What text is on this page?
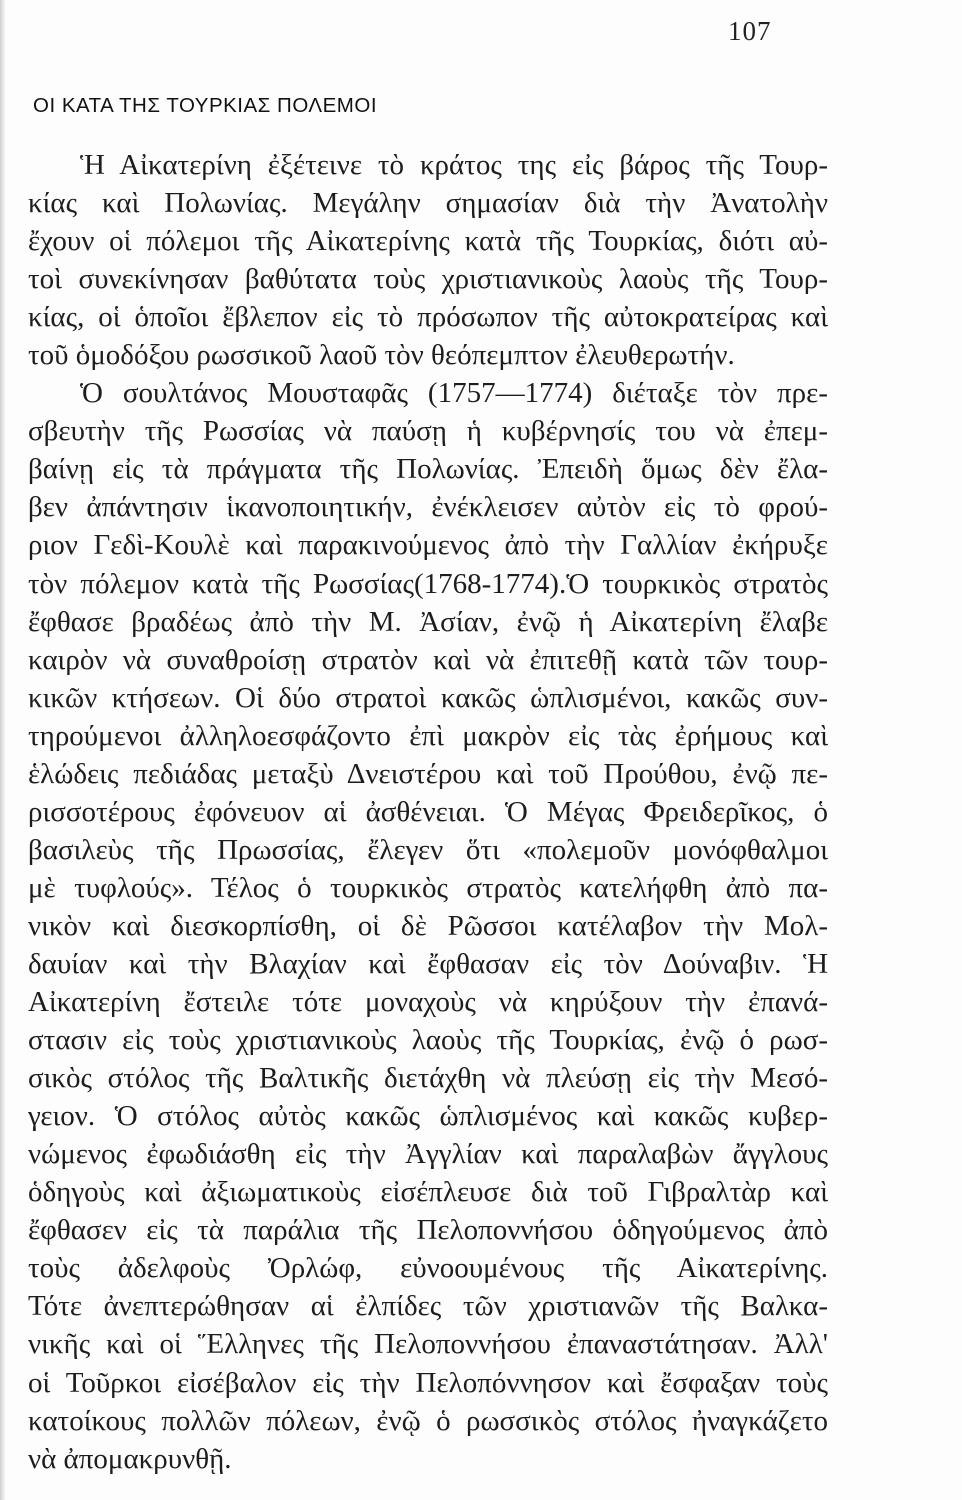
107
ΟΙ ΚΑΤΑ ΤΗΣ ΤΟΥΡΚΙΑΣ ΠΟΛΕΜΟΙ
Ἡ Αἰκατερίνη ἐξέτεινε τὸ κράτος της εἰς βάρος τῆς Τουρ-
κίας καὶ Πολωνίας. Μεγάλην σημασίαν διὰ τὴν Ἀνατολὴν
ἔχουν οἱ πόλεμοι τῆς Αἰκατερίνης κατὰ τῆς Τουρκίας, διότι αὐ-
τοὶ συνεκίνησαν βαθύτατα τοὺς χριστιανικοὺς λαοὺς τῆς Τουρ-
κίας, οἱ ὁποῖοι ἔβλεπον εἰς τὸ πρόσωπον τῆς αὐτοκρατείρας καὶ
τοῦ ὁμοδόξου ρωσσικοῦ λαοῦ τὸν θεόπεμπτον ἐλευθερωτήν.
Ὁ σουλτάνος Μουσταφᾶς (1757—1774) διέταξε τὸν πρε-
σβευτὴν τῆς Ρωσσίας νὰ παύσῃ ἡ κυβέρνησίς του νὰ ἐπεμ-
βαίνῃ εἰς τὰ πράγματα τῆς Πολωνίας. Ἐπειδὴ ὅμως δὲν ἔλα-
βεν ἀπάντησιν ἱκανοποιητικήν, ἐνέκλεισεν αὐτὸν εἰς τὸ φρού-
ριον Γεδὶ-Κουλὲ καὶ παρακινούμενος ἀπὸ τὴν Γαλλίαν ἐκήρυξε
τὸν πόλεμον κατὰ τῆς Ρωσσίας(1768-1774).Ὁ τουρκικὸς στρατὸς
ἔφθασε βραδέως ἀπὸ τὴν Μ. Ἀσίαν, ἐνῷ ἡ Αἰκατερίνη ἔλαβε
καιρὸν νὰ συναθροίσῃ στρατὸν καὶ νὰ ἐπιτεθῇ κατὰ τῶν τουρ-
κικῶν κτήσεων. Οἱ δύο στρατοὶ κακῶς ὡπλισμένοι, κακῶς συν-
τηρούμενοι ἀλληλοεσφάζοντο ἐπὶ μακρὸν εἰς τὰς ἐρήμους καὶ
ἑλώδεις πεδιάδας μεταξὺ Δνειστέρου καὶ τοῦ Προύθου, ἐνῷ πε-
ρισσοτέρους ἐφόνευον αἱ ἀσθένειαι. Ὁ Μέγας Φρειδερῖκος, ὁ
βασιλεὺς τῆς Πρωσσίας, ἔλεγεν ὅτι «πολεμοῦν μονόφθαλμοι
μὲ τυφλούς». Τέλος ὁ τουρκικὸς στρατὸς κατελήφθη ἀπὸ πα-
νικὸν καὶ διεσκορπίσθη, οἱ δὲ Ρῶσσοι κατέλαβον τὴν Μολ-
δαυίαν καὶ τὴν Βλαχίαν καὶ ἔφθασαν εἰς τὸν Δούναβιν. Ἡ
Αἰκατερίνη ἔστειλε τότε μοναχοὺς νὰ κηρύξουν τὴν ἐπανά-
στασιν εἰς τοὺς χριστιανικοὺς λαοὺς τῆς Τουρκίας, ἐνῷ ὁ ρωσ-
σικὸς στόλος τῆς Βαλτικῆς διετάχθη νὰ πλεύσῃ εἰς τὴν Μεσό-
γειον. Ὁ στόλος αὐτὸς κακῶς ὡπλισμένος καὶ κακῶς κυβερ-
νώμενος ἐφωδιάσθη εἰς τὴν Ἀγγλίαν καὶ παραλαβὼν ἄγγλους
ὁδηγοὺς καὶ ἀξιωματικοὺς εἰσέπλευσε διὰ τοῦ Γιβραλτὰρ καὶ
ἔφθασεν εἰς τὰ παράλια τῆς Πελοποννήσου ὁδηγούμενος ἀπὸ
τοὺς ἀδελφοὺς Ὀρλώφ, εὐνοουμένους τῆς Αἰκατερίνης.
Τότε ἀνεπτερώθησαν αἱ ἐλπίδες τῶν χριστιανῶν τῆς Βαλκα-
νικῆς καὶ οἱ Ἕλληνες τῆς Πελοποννήσου ἐπαναστάτησαν. Ἀλλ'
οἱ Τοῦρκοι εἰσέβαλον εἰς τὴν Πελοπόννησον καὶ ἔσφαξαν τοὺς
κατοίκους πολλῶν πόλεων, ἐνῷ ὁ ρωσσικὸς στόλος ἠναγκάζετο
νὰ ἀπομακρυνθῇ.
